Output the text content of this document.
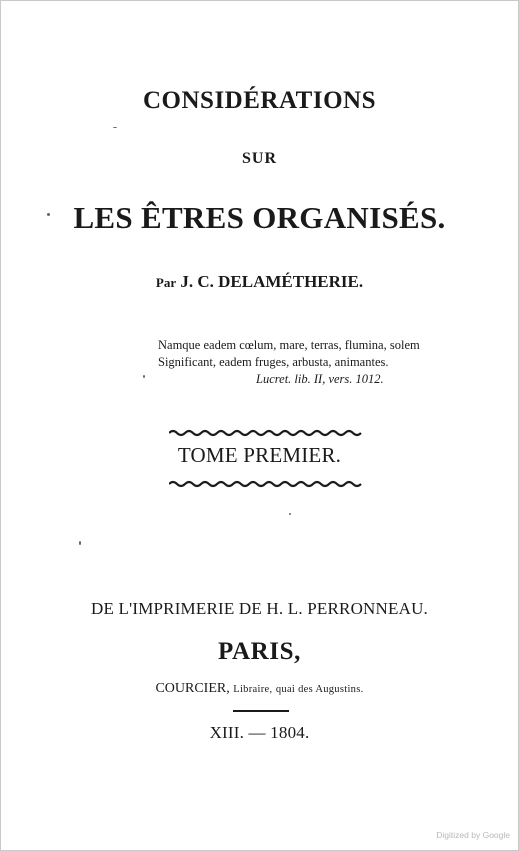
CONSIDÉRATIONS
SUR
LES ÊTRES ORGANISÉS.
Par J. C. DELAMÉTHERIE.
Namque eadem cœlum, mare, terras, flumina, solem
Significant, eadem fruges, arbusta, animantes.
Lucret. lib. II, vers. 1012.
TOME PREMIER.
DE L'IMPRIMERIE DE H. L. PERRONNEAU.
PARIS,
COURCIER, Libraire, quai des Augustins.
XIII. — 1804.
Digitized by Google
